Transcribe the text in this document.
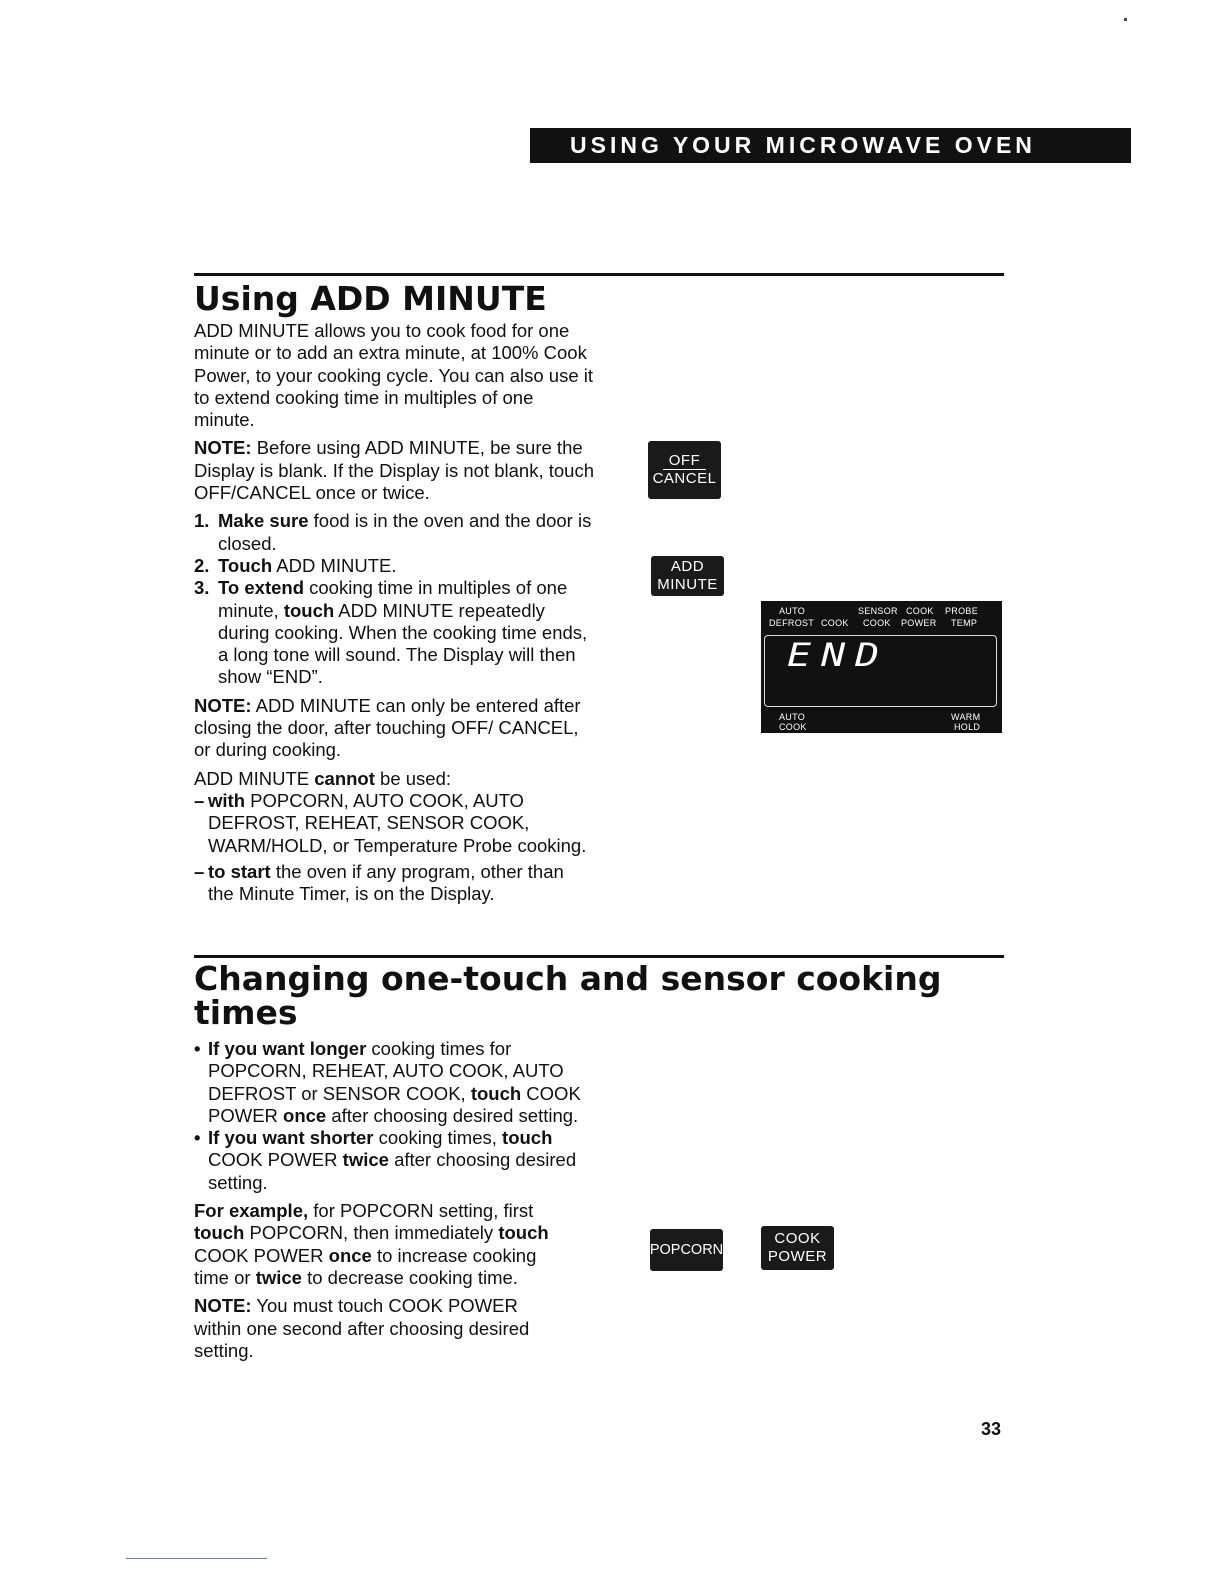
USING YOUR MICROWAVE OVEN
Using ADD MINUTE

ADD MINUTE allows you to cook food for one minute or to add an extra minute, at 100% Cook Power, to your cooking cycle. You can also use it to extend cooking time in multiples of one minute.

NOTE: Before using ADD MINUTE, be sure the Display is blank. If the Display is not blank, touch OFF/CANCEL once or twice.

1. Make sure food is in the oven and the door is closed.
2. Touch ADD MINUTE.
3. To extend cooking time in multiples of one minute, touch ADD MINUTE repeatedly during cooking. When the cooking time ends, a long tone will sound. The Display will then show “END”.

NOTE: ADD MINUTE can only be entered after closing the door, after touching OFF/ CANCEL, or during cooking.

ADD MINUTE cannot be used:

– with POPCORN, AUTO COOK, AUTO DEFROST, REHEAT, SENSOR COOK, WARM/HOLD, or Temperature Probe cooking.
– to start the oven if any program, other than the Minute Timer, is on the Display.
OFF
CANCEL
ADD
MINUTE
AUTO
DEFROST COOK
SENSOR
COOK
COOK
POWER
PROBE
TEMP
END
AUTO
COOK
WARM
HOLD
Changing one-touch and sensor cooking times
• If you want longer cooking times for POPCORN, REHEAT, AUTO COOK, AUTO DEFROST or SENSOR COOK, touch COOK POWER once after choosing desired setting.
• If you want shorter cooking times, touch COOK POWER twice after choosing desired setting.

For example, for POPCORN setting, first touch POPCORN, then immediately touch COOK POWER once to increase cooking time or twice to decrease cooking time.

NOTE: You must touch COOK POWER within one second after choosing desired setting.

POPCORN
COOK
POWER
33
